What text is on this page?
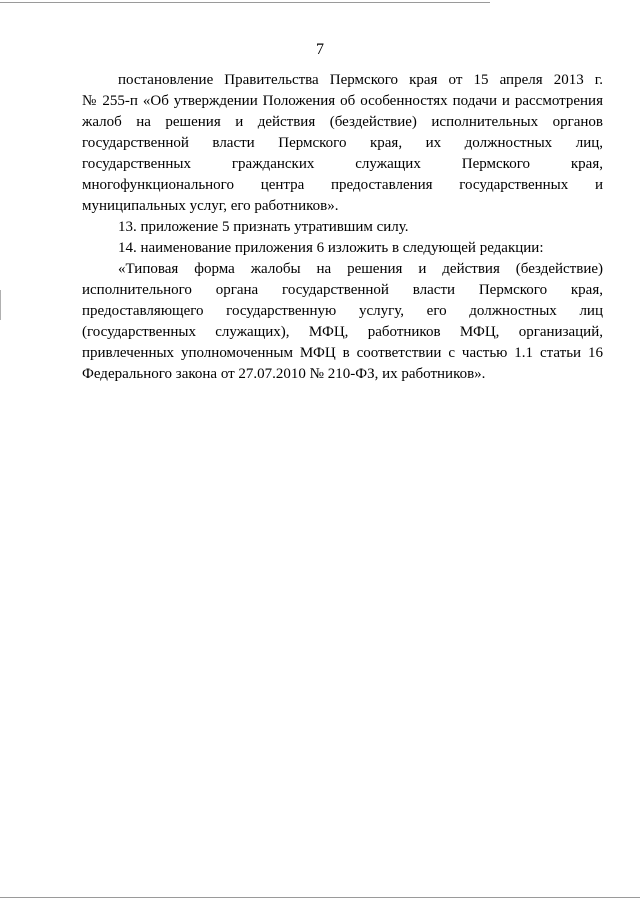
7
постановление Правительства Пермского края от 15 апреля 2013 г.
№ 255-п «Об утверждении Положения об особенностях подачи и рассмотрения
жалоб на решения и действия (бездействие) исполнительных органов
государственной власти Пермского края, их должностных лиц,
государственных гражданских служащих Пермского края,
многофункционального центра предоставления государственных и
муниципальных услуг, его работников».
13. приложение 5 признать утратившим силу.
14. наименование приложения 6 изложить в следующей редакции:
«Типовая форма жалобы на решения и действия (бездействие)
исполнительного органа государственной власти Пермского края,
предоставляющего государственную услугу, его должностных лиц
(государственных служащих), МФЦ, работников МФЦ, организаций,
привлеченных уполномоченным МФЦ в соответствии с частью 1.1 статьи 16
Федерального закона от 27.07.2010 № 210-ФЗ, их работников».
